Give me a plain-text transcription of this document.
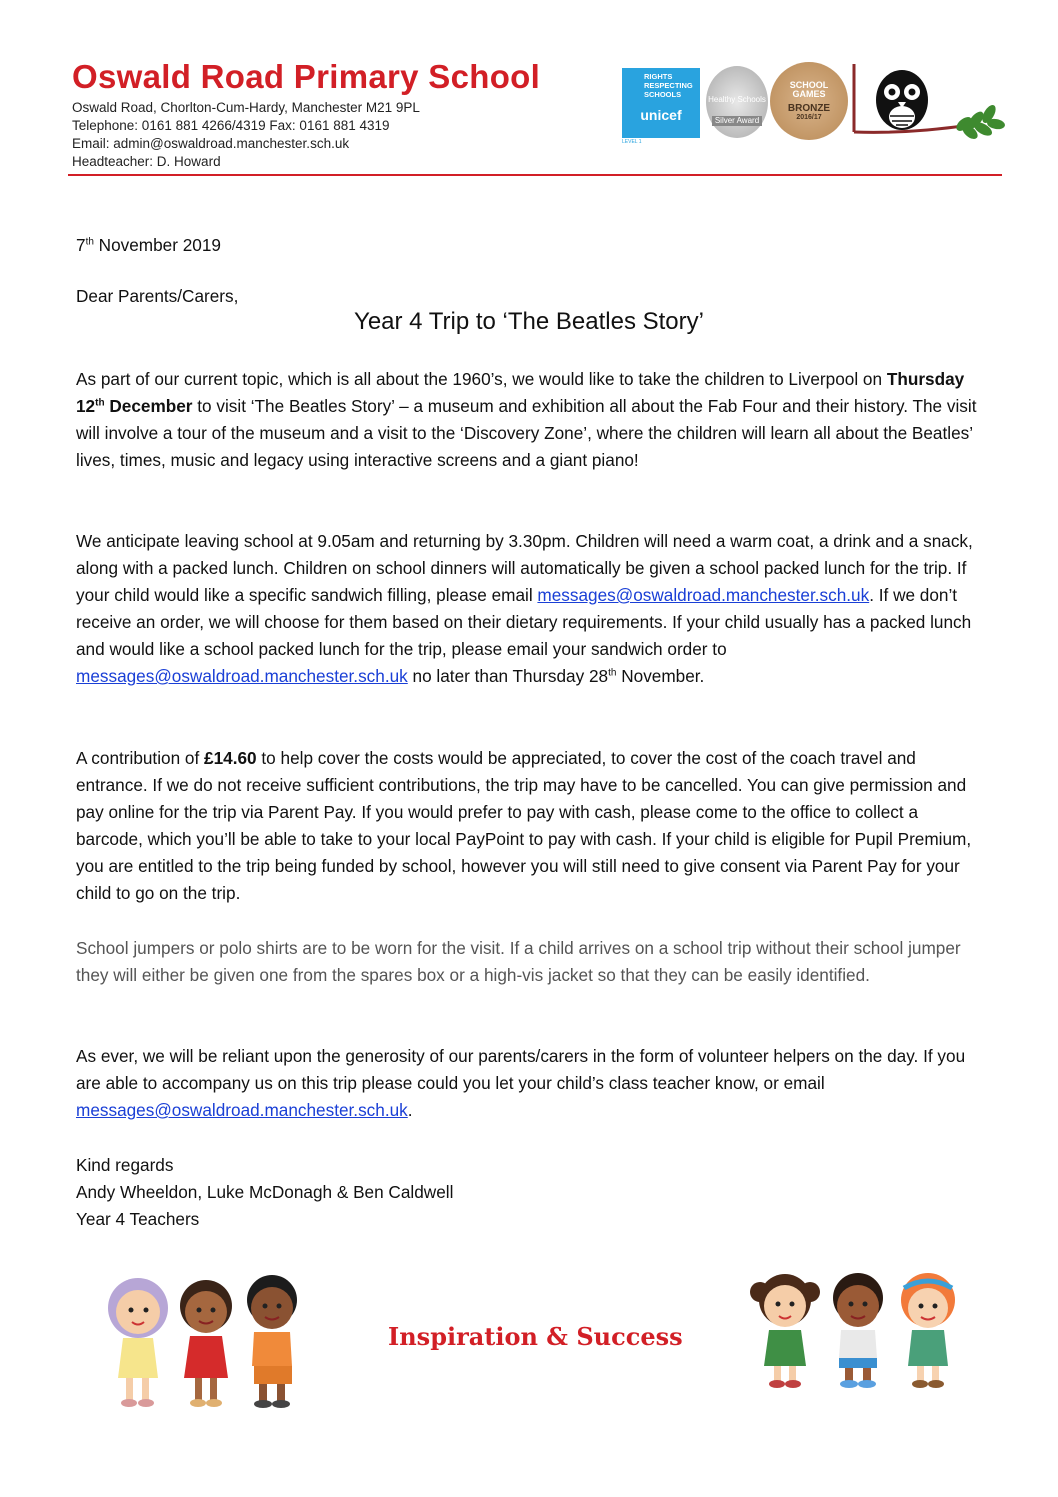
Oswald Road Primary School
Oswald Road, Chorlton-Cum-Hardy, Manchester M21 9PL
Telephone: 0161 881 4266/4319 Fax: 0161 881 4319
Email: admin@oswaldroad.manchester.sch.uk
Headteacher: D. Howard
RIGHTS RESPECTING SCHOOLS
unicef
LEVEL 1
Healthy Schools
Silver Award
SCHOOL GAMES
BRONZE
2016/17
7th November 2019
Dear Parents/Carers,
Year 4 Trip to ‘The Beatles Story’

As part of our current topic, which is all about the 1960’s, we would like to take the children to Liverpool on Thursday 12th December to visit ‘The Beatles Story’ – a museum and exhibition all about the Fab Four and their history. The visit will involve a tour of the museum and a visit to the ‘Discovery Zone’, where the children will learn all about the Beatles’ lives, times, music and legacy using interactive screens and a giant piano!

We anticipate leaving school at 9.05am and returning by 3.30pm. Children will need a warm coat, a drink and a snack, along with a packed lunch. Children on school dinners will automatically be given a school packed lunch for the trip. If your child would like a specific sandwich filling, please email messages@oswaldroad.manchester.sch.uk. If we don’t receive an order, we will choose for them based on their dietary requirements. If your child usually has a packed lunch and would like a school packed lunch for the trip, please email your sandwich order to messages@oswaldroad.manchester.sch.uk no later than Thursday 28th November.

A contribution of £14.60 to help cover the costs would be appreciated, to cover the cost of the coach travel and entrance. If we do not receive sufficient contributions, the trip may have to be cancelled. You can give permission and pay online for the trip via Parent Pay. If you would prefer to pay with cash, please come to the office to collect a barcode, which you’ll be able to take to your local PayPoint to pay with cash. If your child is eligible for Pupil Premium, you are entitled to the trip being funded by school, however you will still need to give consent via Parent Pay for your child to go on the trip.

School jumpers or polo shirts are to be worn for the visit. If a child arrives on a school trip without their school jumper they will either be given one from the spares box or a high-vis jacket so that they can be easily identified.

As ever, we will be reliant upon the generosity of our parents/carers in the form of volunteer helpers on the day. If you are able to accompany us on this trip please could you let your child’s class teacher know, or email messages@oswaldroad.manchester.sch.uk.

Kind regards
Andy Wheeldon, Luke McDonagh & Ben Caldwell
Year 4 Teachers
Inspiration & Success
